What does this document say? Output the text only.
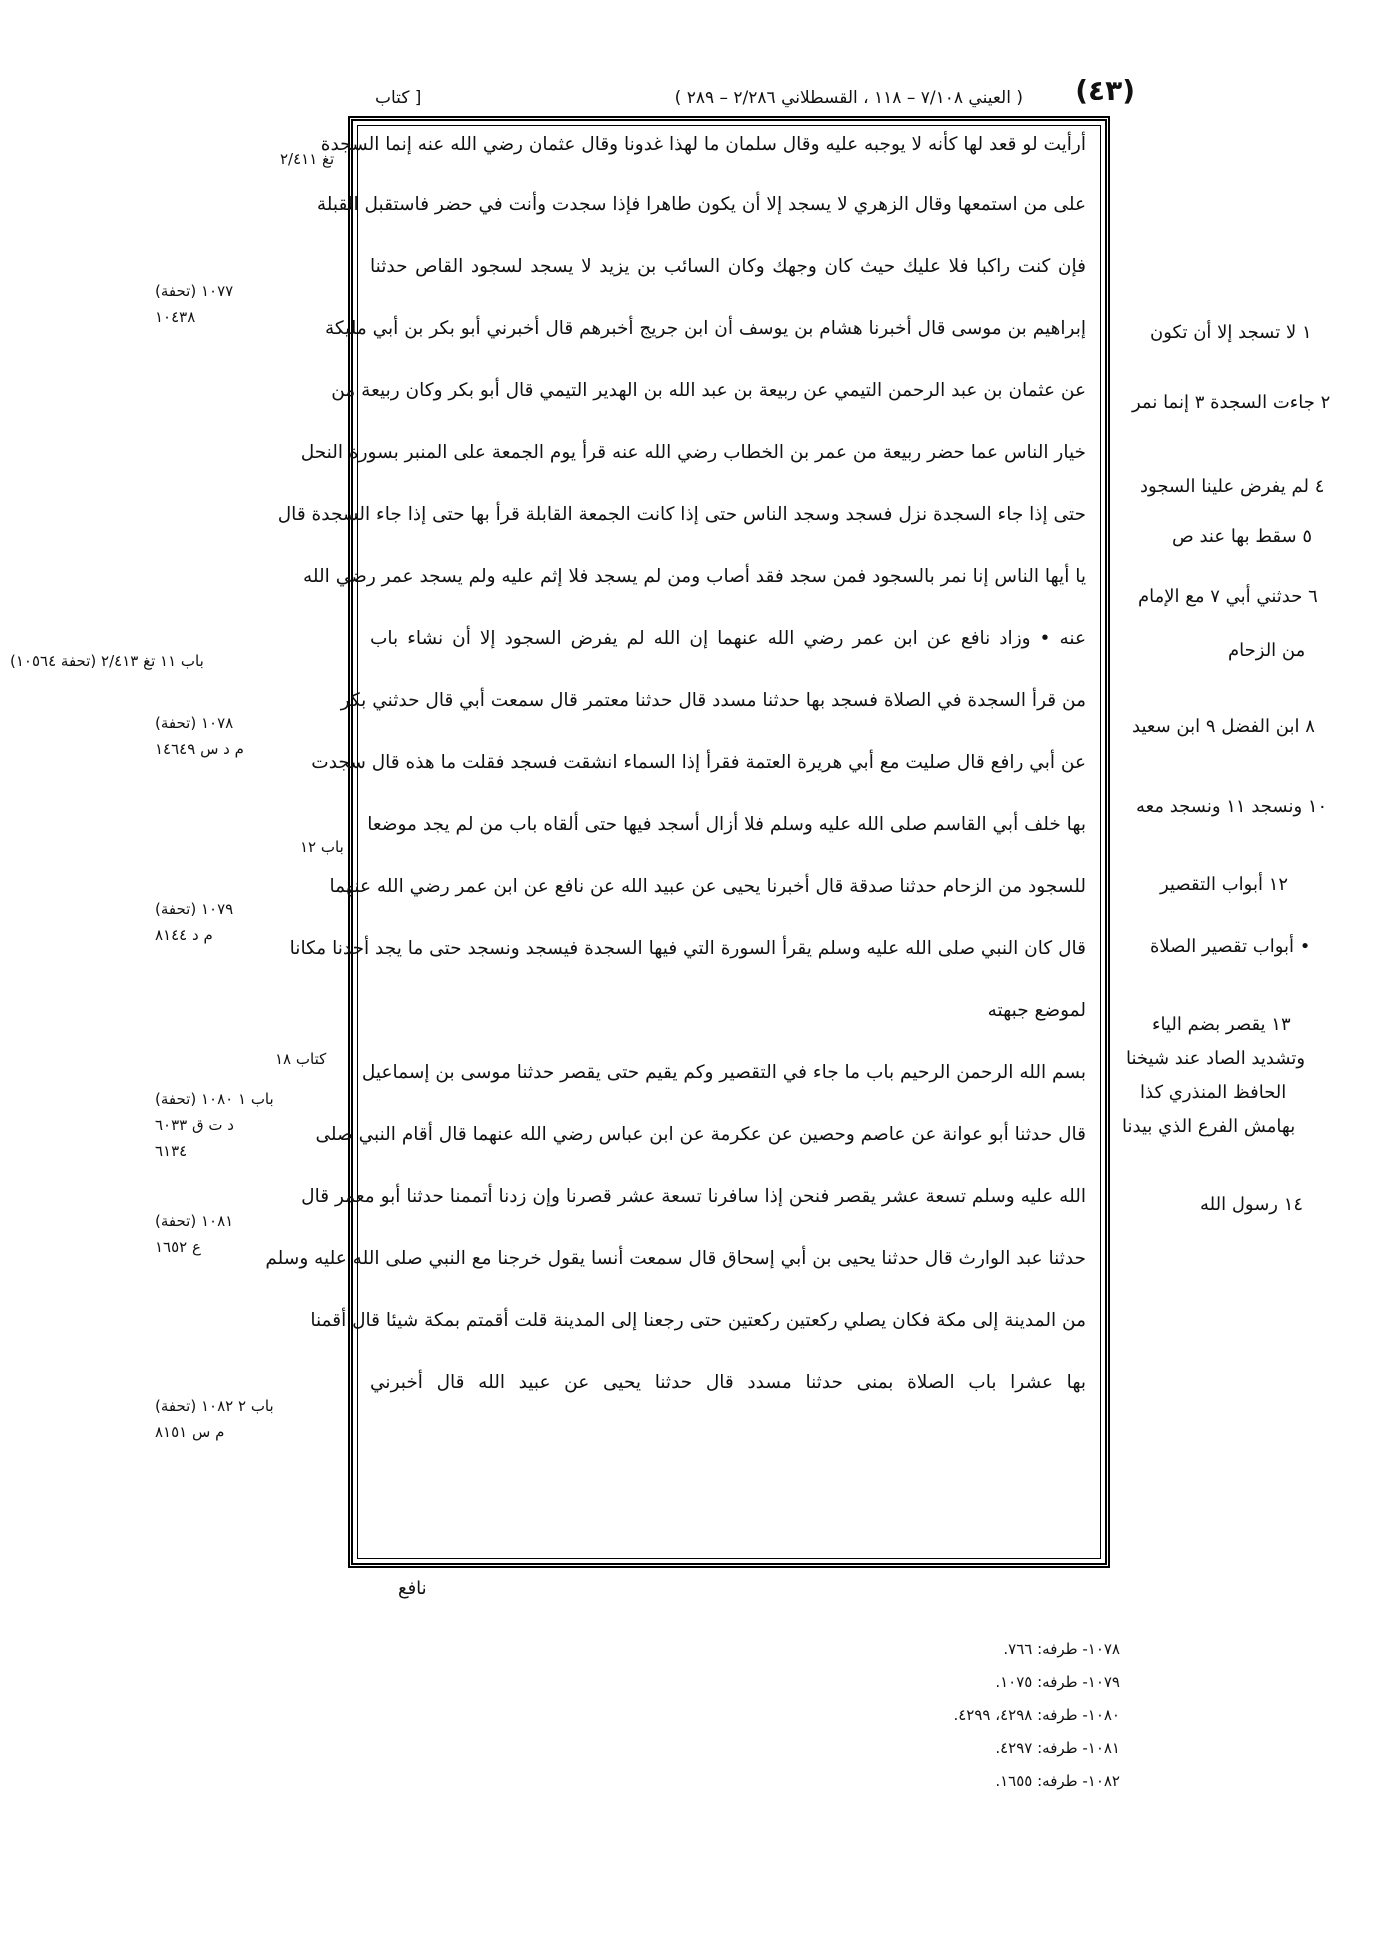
[ كتاب	( العيني ٧/١٠٨ – ١١٨ ، القسطلاني ٢/٢٨٦ – ٢٨٩ ) (٤٣)
أرأيت لو قعد لها كأنه لا يوجبه عليه وقال سلمان ما لهذا غدونا وقال عثمان رضي الله عنه إنما السجدة
على من استمعها وقال الزهري لا يسجد إلا أن يكون طاهرا فإذا سجدت وأنت في حضر فاستقبل القبلة
فإن كنت راكبا فلا عليك حيث كان وجهك وكان السائب بن يزيد لا يسجد لسجود القاص حدثنا
إبراهيم بن موسى قال أخبرنا هشام بن يوسف أن ابن جريج أخبرهم قال أخبرني أبو بكر بن أبي مليكة
عن عثمان بن عبد الرحمن التيمي عن ربيعة بن عبد الله بن الهدير التيمي قال أبو بكر وكان ربيعة من
خيار الناس عما حضر ربيعة من عمر بن الخطاب رضي الله عنه قرأ يوم الجمعة على المنبر بسورة النحل
حتى إذا جاء السجدة نزل فسجد وسجد الناس حتى إذا كانت الجمعة القابلة قرأ بها حتى إذا جاء السجدة قال
يا أيها الناس إنا نمر بالسجود فمن سجد فقد أصاب ومن لم يسجد فلا إثم عليه ولم يسجد عمر رضي الله
عنه • وزاد نافع عن ابن عمر رضي الله عنهما إن الله لم يفرض السجود إلا أن نشاء باب
من قرأ السجدة في الصلاة فسجد بها حدثنا مسدد قال حدثنا معتمر قال سمعت أبي قال حدثني بكر
عن أبي رافع قال صليت مع أبي هريرة العتمة فقرأ إذا السماء انشقت فسجد فقلت ما هذه قال سجدت
بها خلف أبي القاسم صلى الله عليه وسلم فلا أزال أسجد فيها حتى ألقاه باب من لم يجد موضعا
للسجود من الزحام حدثنا صدقة قال أخبرنا يحيى عن عبيد الله عن نافع عن ابن عمر رضي الله عنهما
قال كان النبي صلى الله عليه وسلم يقرأ السورة التي فيها السجدة فيسجد ونسجد حتى ما يجد أحدنا مكانا
لموضع جبهته
بسم الله الرحمن الرحيم باب ما جاء في التقصير وكم يقيم حتى يقصر حدثنا موسى بن إسماعيل
قال حدثنا أبو عوانة عن عاصم وحصين عن عكرمة عن ابن عباس رضي الله عنهما قال أقام النبي صلى
الله عليه وسلم تسعة عشر يقصر فنحن إذا سافرنا تسعة عشر قصرنا وإن زدنا أتممنا حدثنا أبو معمر قال
حدثنا عبد الوارث قال حدثنا يحيى بن أبي إسحاق قال سمعت أنسا يقول خرجنا مع النبي صلى الله عليه وسلم
من المدينة إلى مكة فكان يصلي ركعتين ركعتين حتى رجعنا إلى المدينة قلت أقمتم بمكة شيئا قال أقمنا
بها عشرا باب الصلاة بمنى حدثنا مسدد قال حدثنا يحيى عن عبيد الله قال أخبرني
تغ ٢/٤١١
١٠٧٧ (تحفة)
١٠٤٣٨
باب ١١ تغ ٢/٤١٣ (تحفة ١٠٥٦٤)
١٠٧٨ (تحفة)
م د س ١٤٦٤٩
باب ١٢
١٠٧٩ (تحفة)
م د ٨١٤٤
كتاب ١٨
باب ١ ١٠٨٠ (تحفة)
د ت ق ٦٠٣٣
٦١٣٤
١٠٨١ (تحفة)
ع ١٦٥٢
باب ٢ ١٠٨٢ (تحفة)
م س ٨١٥١
١ لا تسجد إلا أن تكون
٢ جاءت السجدة ٣ إنما نمر
٤ لم يفرض علينا السجود
٥ سقط بها عند ص
٦ حدثني أبي ٧ مع الإمام
من الزحام
٨ ابن الفضل ٩ ابن سعيد
١٠ ونسجد ١١ ونسجد معه
١٢ أبواب التقصير
• أبواب تقصير الصلاة
١٣ يقصر بضم الياء
وتشديد الصاد عند شيخنا
الحافظ المنذري كذا
بهامش الفرع الذي بيدنا
١٤ رسول الله
نافع
١٠٧٨- طرفه: ٧٦٦.
١٠٧٩- طرفه: ١٠٧٥.
١٠٨٠- طرفه: ٤٢٩٨، ٤٢٩٩.
١٠٨١- طرفه: ٤٢٩٧.
١٠٨٢- طرفه: ١٦٥٥.
